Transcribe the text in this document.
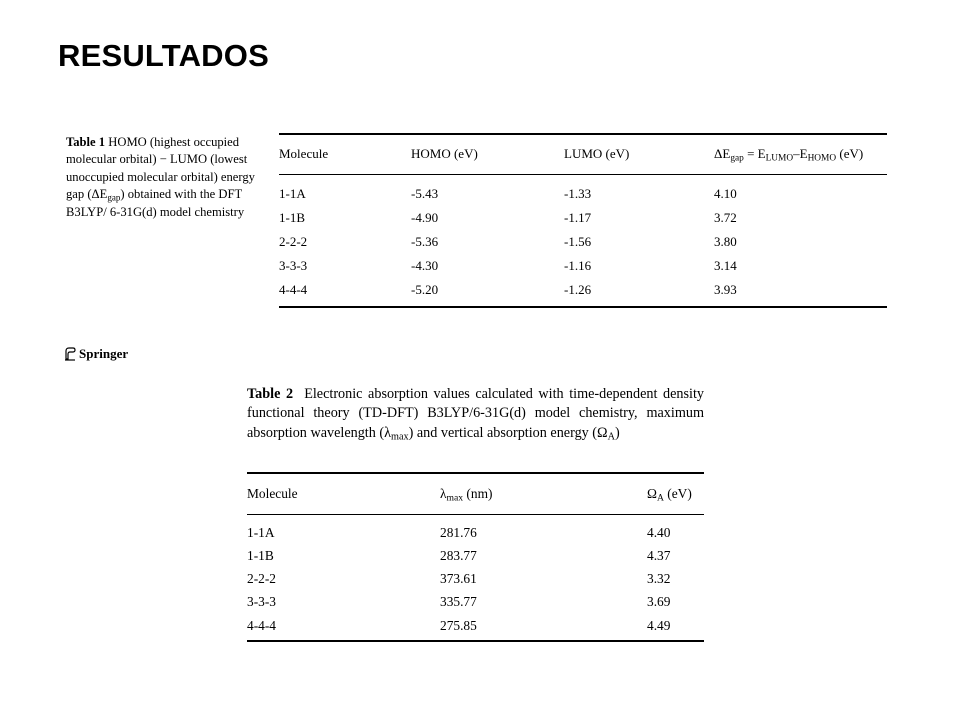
RESULTADOS
Table 1 HOMO (highest occupied molecular orbital) − LUMO (lowest unoccupied molecular orbital) energy gap $(\Delta E_{gap})$ obtained with the DFT B3LYP/ 6-31G(d) model chemistry
Molecule	HOMO (eV)	LUMO (eV)	$\Delta E_{gap} = E_{LUMO}-E_{HOMO}$ (eV)
1-1A	-5.43	-1.33	4.10
1-1B	-4.90	-1.17	3.72
2-2-2	-5.36	-1.56	3.80
3-3-3	-4.30	-1.16	3.14
4-4-4	-5.20	-1.26	3.93
Springer
Table 2 Electronic absorption values calculated with time-dependent density functional theory (TD-DFT) B3LYP/6-31G(d) model chemistry, maximum absorption wavelength $(\lambda_{max})$ and vertical absorption energy $(\Omega_A)$
Molecule	$\lambda_{max}$ (nm)	$\Omega_A$ (eV)
1-1A	281.76	4.40
1-1B	283.77	4.37
2-2-2	373.61	3.32
3-3-3	335.77	3.69
4-4-4	275.85	4.49
